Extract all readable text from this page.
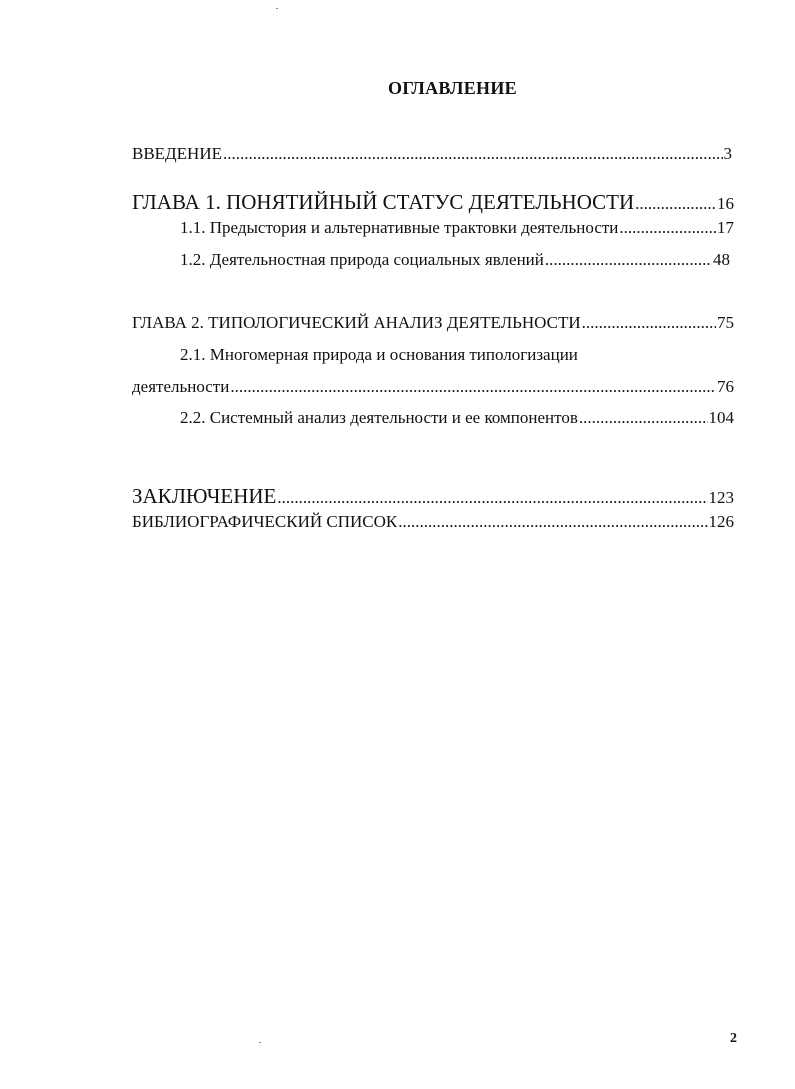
ОГЛАВЛЕНИЕ
ВВЕДЕНИЕ .....	3
ГЛАВА 1. ПОНЯТИЙНЫЙ СТАТУС ДЕЯТЕЛЬНОСТИ .....	16
1.1. Предыстория и альтернативные трактовки деятельности .....	17
1.2. Деятельностная природа социальных явлений .....	48
ГЛАВА 2. ТИПОЛОГИЧЕСКИЙ АНАЛИЗ ДЕЯТЕЛЬНОСТИ .....	75
2.1. Многомерная природа и основания типологизации
деятельности .....	76
2.2. Системный анализ деятельности и ее компонентов .....	104
ЗАКЛЮЧЕНИЕ .....	123
БИБЛИОГРАФИЧЕСКИЙ СПИСОК .....	126
2
